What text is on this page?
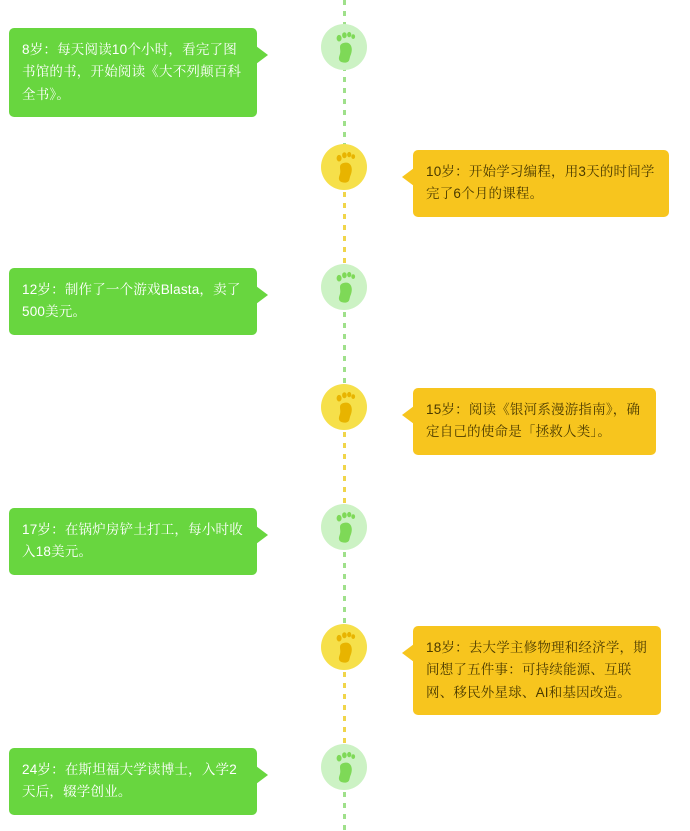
8岁：每天阅读10个小时，看完了图书馆的书，开始阅读《大不列颠百科全书》。
10岁：开始学习编程，用3天的时间学完了6个月的课程。
12岁：制作了一个游戏Blasta，卖了500美元。
15岁：阅读《银河系漫游指南》，确定自己的使命是「拯救人类」。
17岁：在锅炉房铲土打工，每小时收入18美元。
18岁：去大学主修物理和经济学，期间想了五件事：可持续能源、互联网、移民外星球、AI和基因改造。
24岁：在斯坦福大学读博士，入学2天后，辍学创业。
